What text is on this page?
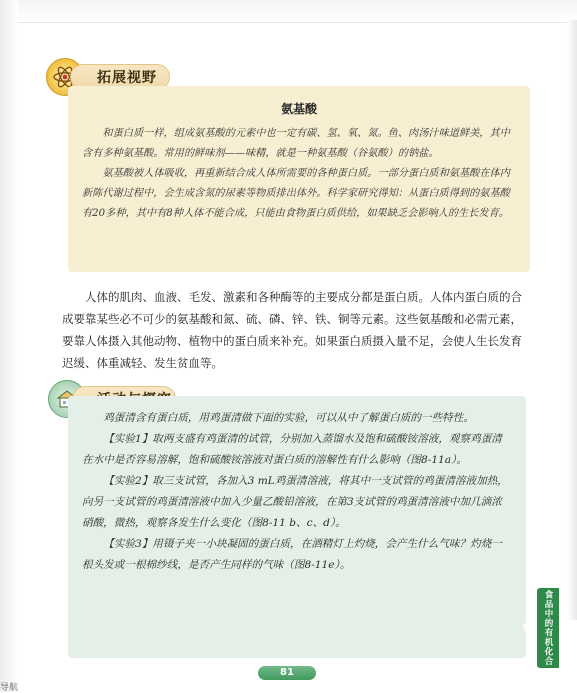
拓展视野
氨基酸

和蛋白质一样，组成氨基酸的元素中也一定有碳、氢、氧、氮。鱼、肉汤汁味道鲜美，其中含有多种氨基酸。常用的鲜味剂——味精，就是一种氨基酸（谷氨酸）的钠盐。

氨基酸被人体吸收，再重新结合成人体所需要的各种蛋白质。一部分蛋白质和氨基酸在体内新陈代谢过程中，会生成含氮的尿素等物质排出体外。科学家研究得知：从蛋白质得到的氨基酸有20多种，其中有8种人体不能合成，只能由食物蛋白质供给，如果缺乏会影响人的生长发育。

人体的肌肉、血液、毛发、激素和各种酶等的主要成分都是蛋白质。人体内蛋白质的合成要靠某些必不可少的氨基酸和氮、硫、磷、锌、铁、铜等元素。这些氨基酸和必需元素，要靠人体摄入其他动物、植物中的蛋白质来补充。如果蛋白质摄入量不足，会使人生长发育迟缓、体重减轻、发生贫血等。

鸡蛋清含有蛋白质，用鸡蛋清做下面的实验，可以从中了解蛋白质的一些特性。

【实验1】取两支盛有鸡蛋清的试管，分别加入蒸馏水及饱和硫酸铵溶液，观察鸡蛋清在水中是否容易溶解，饱和硫酸铵溶液对蛋白质的溶解性有什么影响（图8-11a）。

【实验2】取三支试管，各加入3 mL鸡蛋清溶液，将其中一支试管的鸡蛋清溶液加热，向另一支试管的鸡蛋清溶液中加入少量乙酸铅溶液，在第3支试管的鸡蛋清溶液中加几滴浓硝酸，微热，观察各发生什么变化（图8-11 b、c、d）。

【实验3】用镊子夹一小块凝固的蛋白质，在酒精灯上灼烧，会产生什么气味？灼烧一根头发或一根棉纱线，是否产生同样的气味（图8-11e）。

食品中的有机化合物
81
导航
